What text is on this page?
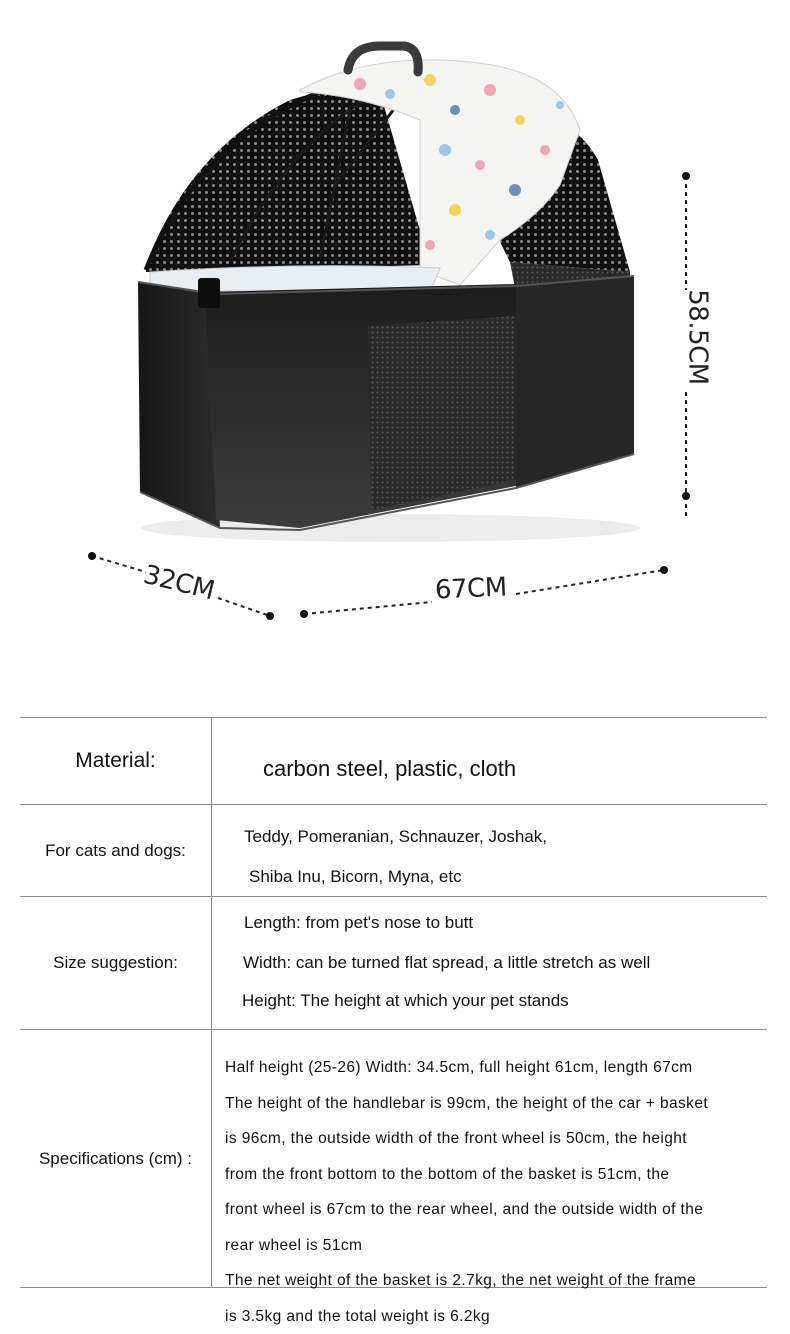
58.5CM
67CM
32CM
Material:	carbon steel, plastic, cloth
For cats and dogs:
Teddy, Pomeranian, Schnauzer, Joshak,
Shiba Inu, Bicorn, Myna, etc
Size suggestion:
Length: from pet's nose to butt
Width: can be turned flat spread, a little stretch as well
Height: The height at which your pet stands
Specifications (cm) :
Half height (25-26) Width: 34.5cm, full height 61cm, length 67cm
The height of the handlebar is 99cm, the height of the car + basket
is 96cm, the outside width of the front wheel is 50cm, the height
from the front bottom to the bottom of the basket is 51cm, the
front wheel is 67cm to the rear wheel, and the outside width of the
rear wheel is 51cm
The net weight of the basket is 2.7kg, the net weight of the frame
is 3.5kg and the total weight is 6.2kg
